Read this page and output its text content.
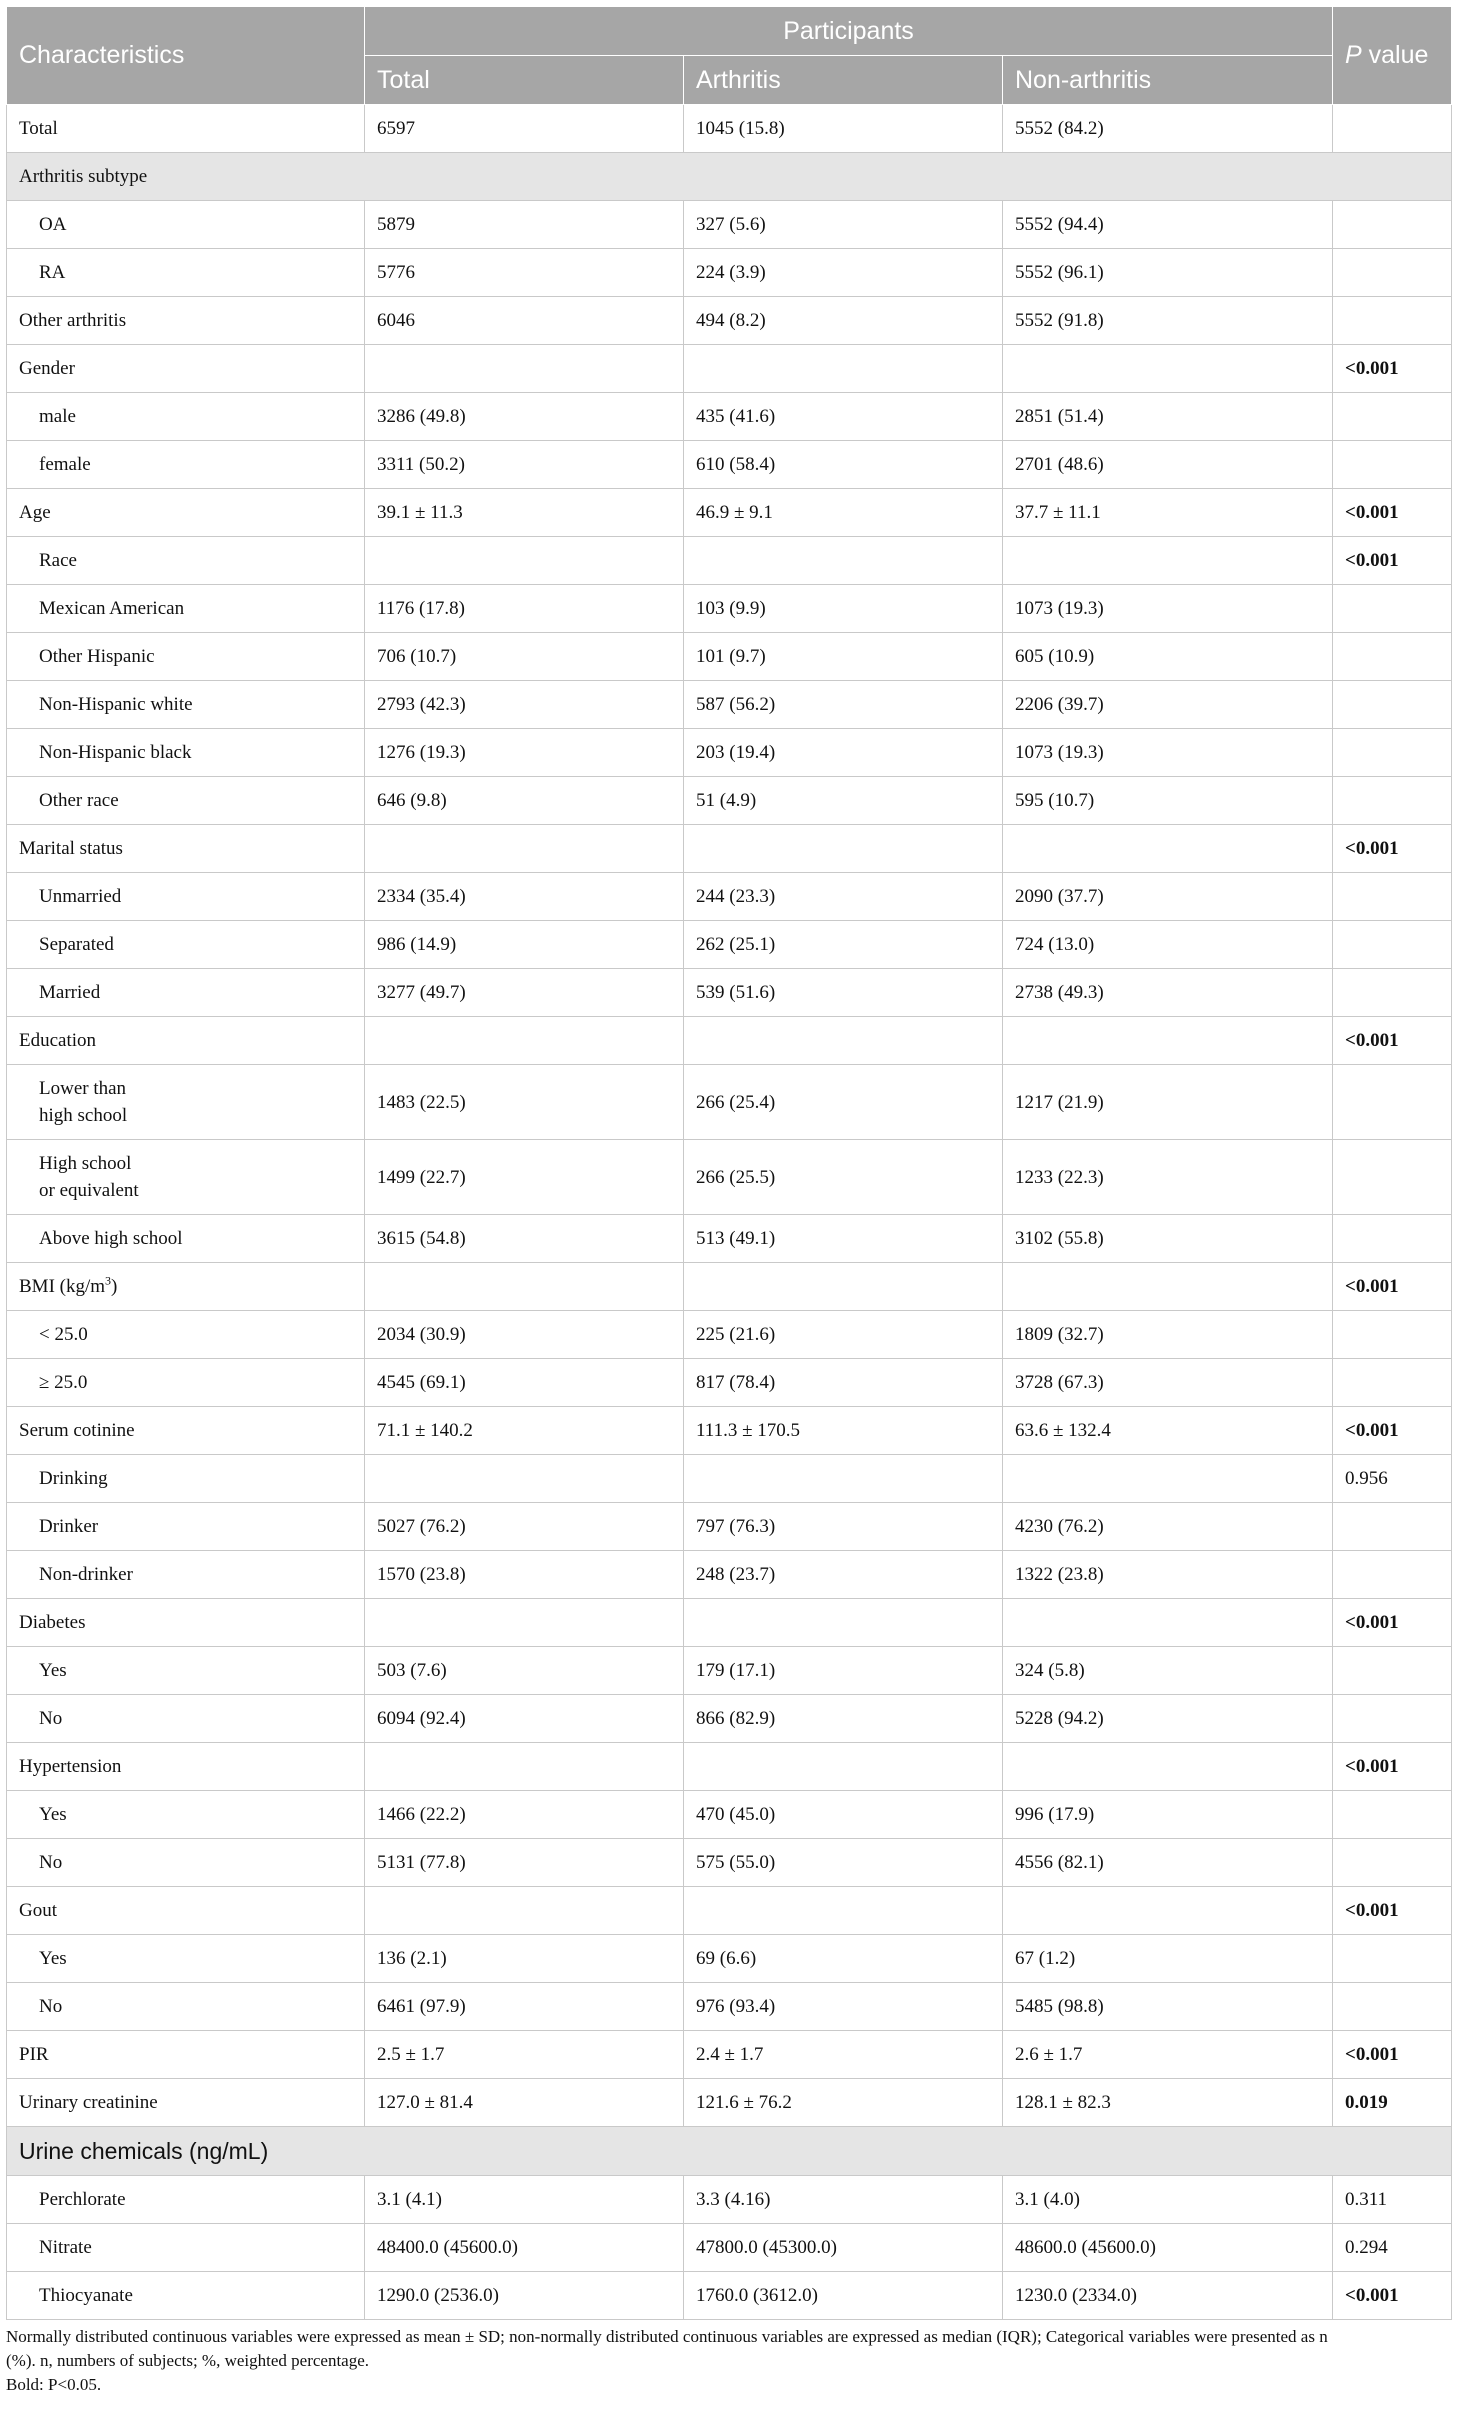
Characteristics	Participants			P value
	Total	Arthritis	Non-arthritis	
Total	6597	1045 (15.8)	5552 (84.2)	
Arthritis subtype				
OA	5879	327 (5.6)	5552 (94.4)	
RA	5776	224 (3.9)	5552 (96.1)	
Other arthritis	6046	494 (8.2)	5552 (91.8)	
Gender				<0.001
male	3286 (49.8)	435 (41.6)	2851 (51.4)	
female	3311 (50.2)	610 (58.4)	2701 (48.6)	
Age	39.1 ± 11.3	46.9 ± 9.1	37.7 ± 11.1	<0.001
Race				<0.001
Mexican American	1176 (17.8)	103 (9.9)	1073 (19.3)	
Other Hispanic	706 (10.7)	101 (9.7)	605 (10.9)	
Non-Hispanic white	2793 (42.3)	587 (56.2)	2206 (39.7)	
Non-Hispanic black	1276 (19.3)	203 (19.4)	1073 (19.3)	
Other race	646 (9.8)	51 (4.9)	595 (10.7)	
Marital status				<0.001
Unmarried	2334 (35.4)	244 (23.3)	2090 (37.7)	
Separated	986 (14.9)	262 (25.1)	724 (13.0)	
Married	3277 (49.7)	539 (51.6)	2738 (49.3)	
Education				<0.001
Lower than
high school	1483 (22.5)	266 (25.4)	1217 (21.9)	
High school
or equivalent	1499 (22.7)	266 (25.5)	1233 (22.3)	
Above high school	3615 (54.8)	513 (49.1)	3102 (55.8)	
BMI $(kg/m^3)$				<0.001
< 25.0	2034 (30.9)	225 (21.6)	1809 (32.7)	
≥ 25.0	4545 (69.1)	817 (78.4)	3728 (67.3)	
Serum cotinine	71.1 ± 140.2	111.3 ± 170.5	63.6 ± 132.4	<0.001
Drinking				0.956
Drinker	5027 (76.2)	797 (76.3)	4230 (76.2)	
Non-drinker	1570 (23.8)	248 (23.7)	1322 (23.8)	
Diabetes				<0.001
Yes	503 (7.6)	179 (17.1)	324 (5.8)	
No	6094 (92.4)	866 (82.9)	5228 (94.2)	
Hypertension				<0.001
Yes	1466 (22.2)	470 (45.0)	996 (17.9)	
No	5131 (77.8)	575 (55.0)	4556 (82.1)	
Gout				<0.001
Yes	136 (2.1)	69 (6.6)	67 (1.2)	
No	6461 (97.9)	976 (93.4)	5485 (98.8)	
PIR	2.5 ± 1.7	2.4 ± 1.7	2.6 ± 1.7	<0.001
Urinary creatinine	127.0 ± 81.4	121.6 ± 76.2	128.1 ± 82.3	0.019
Urine chemicals (ng/mL)				
Perchlorate	3.1 (4.1)	3.3 (4.16)	3.1 (4.0)	0.311
Nitrate	48400.0 (45600.0)	47800.0 (45300.0)	48600.0 (45600.0)	0.294
Thiocyanate	1290.0 (2536.0)	1760.0 (3612.0)	1230.0 (2334.0)	<0.001
Normally distributed continuous variables were expressed as mean ± SD; non-normally distributed continuous variables are expressed as median (IQR); Categorical variables were presented as n
(%). n, numbers of subjects; %, weighted percentage.
Bold: P<0.05.
